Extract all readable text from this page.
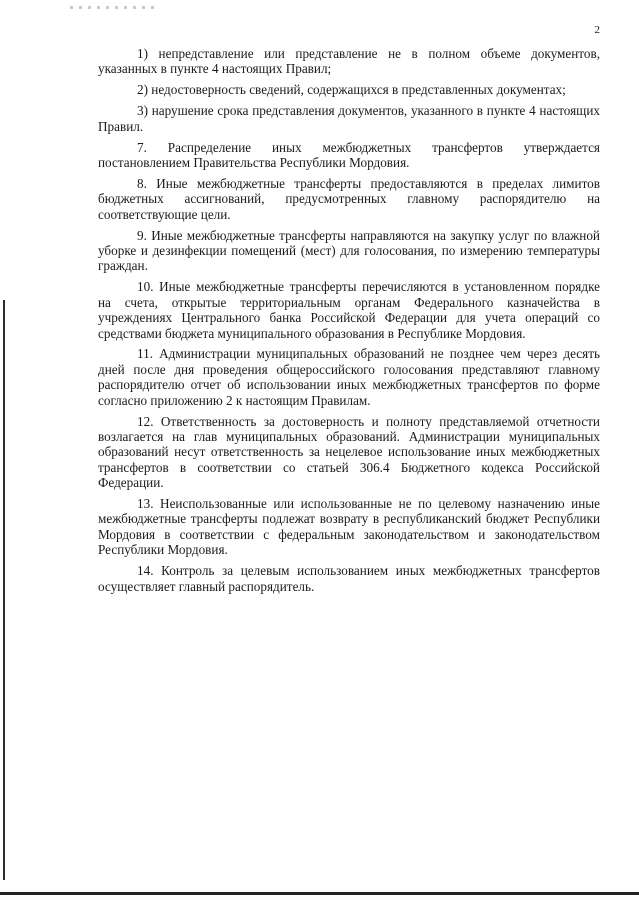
2

1) непредставление или представление не в полном объеме документов, указанных в пункте 4 настоящих Правил;

2) недостоверность сведений, содержащихся в представленных документах;

3) нарушение срока представления документов, указанного в пункте 4 настоящих Правил.

7. Распределение иных межбюджетных трансфертов утверждается постановлением Правительства Республики Мордовия.

8. Иные межбюджетные трансферты предоставляются в пределах лимитов бюджетных ассигнований, предусмотренных главному распорядителю на соответствующие цели.

9. Иные межбюджетные трансферты направляются на закупку услуг по влажной уборке и дезинфекции помещений (мест) для голосования, по измерению температуры граждан.

10. Иные межбюджетные трансферты перечисляются в установленном порядке на счета, открытые территориальным органам Федерального казначейства в учреждениях Центрального банка Российской Федерации для учета операций со средствами бюджета муниципального образования в Республике Мордовия.

11. Администрации муниципальных образований не позднее чем через десять дней после дня проведения общероссийского голосования представляют главному распорядителю отчет об использовании иных межбюджетных трансфертов по форме согласно приложению 2 к настоящим Правилам.

12. Ответственность за достоверность и полноту представляемой отчетности возлагается на глав муниципальных образований. Администрации муниципальных образований несут ответственность за нецелевое использование иных межбюджетных трансфертов в соответствии со статьей 306.4 Бюджетного кодекса Российской Федерации.

13. Неиспользованные или использованные не по целевому назначению иные межбюджетные трансферты подлежат возврату в республиканский бюджет Республики Мордовия в соответствии с федеральным законодательством и законодательством Республики Мордовия.

14. Контроль за целевым использованием иных межбюджетных трансфертов осуществляет главный распорядитель.
